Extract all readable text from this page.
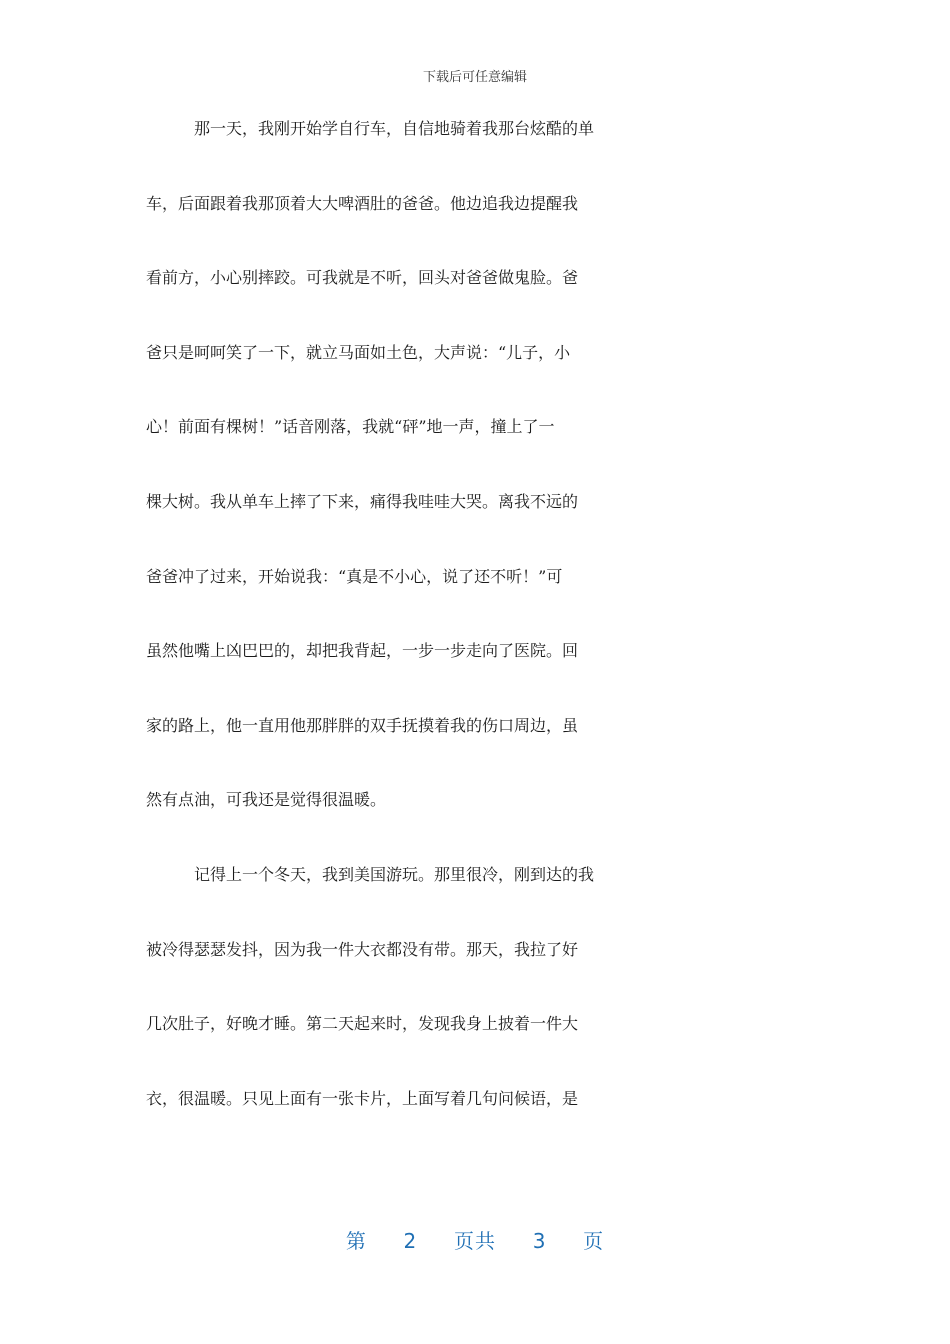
下载后可任意编辑
那一天，我刚开始学自行车，自信地骑着我那台炫酷的单
车，后面跟着我那顶着大大啤酒肚的爸爸。他边追我边提醒我
看前方，小心别摔跤。可我就是不听，回头对爸爸做鬼脸。爸
爸只是呵呵笑了一下，就立马面如土色，大声说：“儿子，小
心！前面有棵树！”话音刚落，我就“砰”地一声，撞上了一
棵大树。我从单车上摔了下来，痛得我哇哇大哭。离我不远的
爸爸冲了过来，开始说我：“真是不小心，说了还不听！”可
虽然他嘴上凶巴巴的，却把我背起，一步一步走向了医院。回
家的路上，他一直用他那胖胖的双手抚摸着我的伤口周边，虽
然有点油，可我还是觉得很温暖。
记得上一个冬天，我到美国游玩。那里很冷，刚到达的我
被冷得瑟瑟发抖，因为我一件大衣都没有带。那天，我拉了好
几次肚子，好晚才睡。第二天起来时，发现我身上披着一件大
衣，很温暖。只见上面有一张卡片，上面写着几句问候语，是
第 2 页共 3 页
